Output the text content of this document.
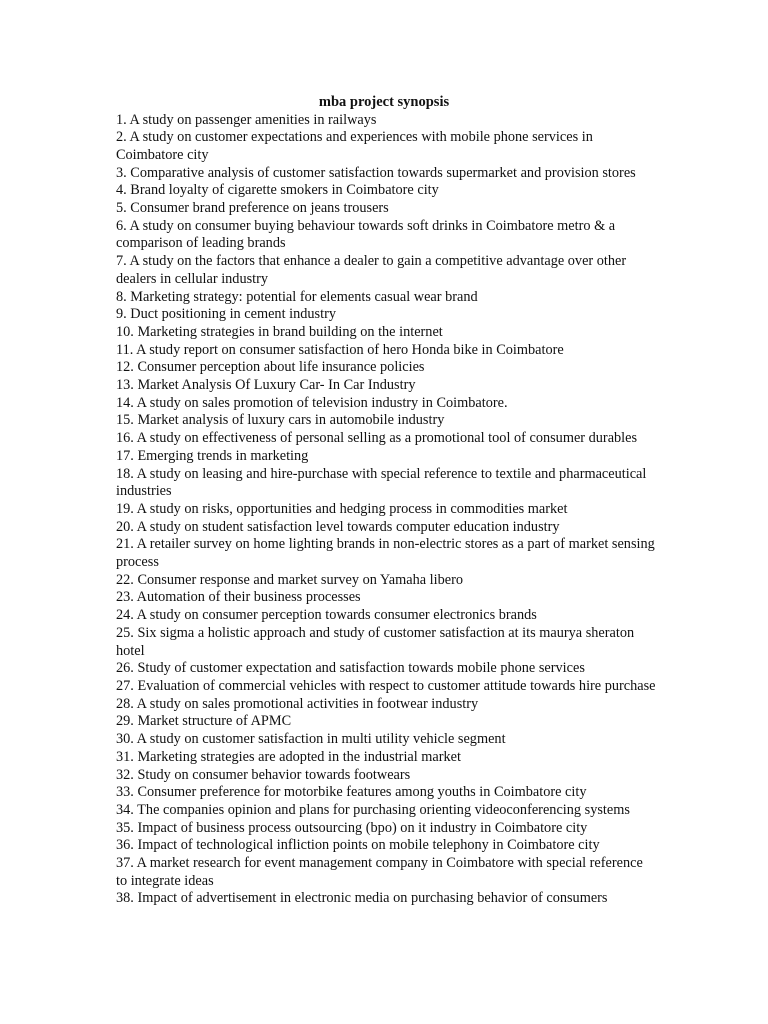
mba project synopsis
1. A study on passenger amenities in railways
2. A study on customer expectations and experiences with mobile phone services in Coimbatore city
3. Comparative analysis of customer satisfaction towards supermarket and provision stores
4. Brand loyalty of cigarette smokers in Coimbatore city
5. Consumer brand preference on jeans trousers
6. A study on consumer buying behaviour towards soft drinks in Coimbatore metro & a comparison of leading brands
7. A study on the factors that enhance a dealer to gain a competitive advantage over other dealers in cellular industry
8. Marketing strategy: potential for elements casual wear brand
9. Duct positioning in cement industry
10. Marketing strategies in brand building on the internet
11. A study report on consumer satisfaction of hero Honda bike in Coimbatore
12. Consumer perception about life insurance policies
13. Market Analysis Of Luxury Car- In Car Industry
14. A study on sales promotion of television industry in Coimbatore.
15. Market analysis of luxury cars in automobile industry
16. A study on effectiveness of personal selling as a promotional tool of consumer durables
17. Emerging trends in marketing
18. A study on leasing and hire-purchase with special reference to textile and pharmaceutical industries
19. A study on risks, opportunities and hedging process in commodities market
20. A study on student satisfaction level towards computer education industry
21. A retailer survey on home lighting brands in non-electric stores as a part of market sensing process
22. Consumer response and market survey on Yamaha libero
23. Automation of their business processes
24. A study on consumer perception towards consumer electronics brands
25. Six sigma a holistic approach and study of customer satisfaction at its maurya sheraton hotel
26. Study of customer expectation and satisfaction towards mobile phone services
27. Evaluation of commercial vehicles with respect to customer attitude towards hire purchase
28. A study on sales promotional activities in footwear industry
29. Market structure of APMC
30. A study on customer satisfaction in multi utility vehicle segment
31. Marketing strategies are adopted in the industrial market
32. Study on consumer behavior towards footwears
33. Consumer preference for motorbike features among youths in Coimbatore city
34. The companies opinion and plans for purchasing orienting videoconferencing systems
35. Impact of business process outsourcing (bpo) on it industry in Coimbatore city
36. Impact of technological infliction points on mobile telephony in Coimbatore city
37. A market research for event management company in Coimbatore with special reference to integrate ideas
38. Impact of advertisement in electronic media on purchasing behavior of consumers
